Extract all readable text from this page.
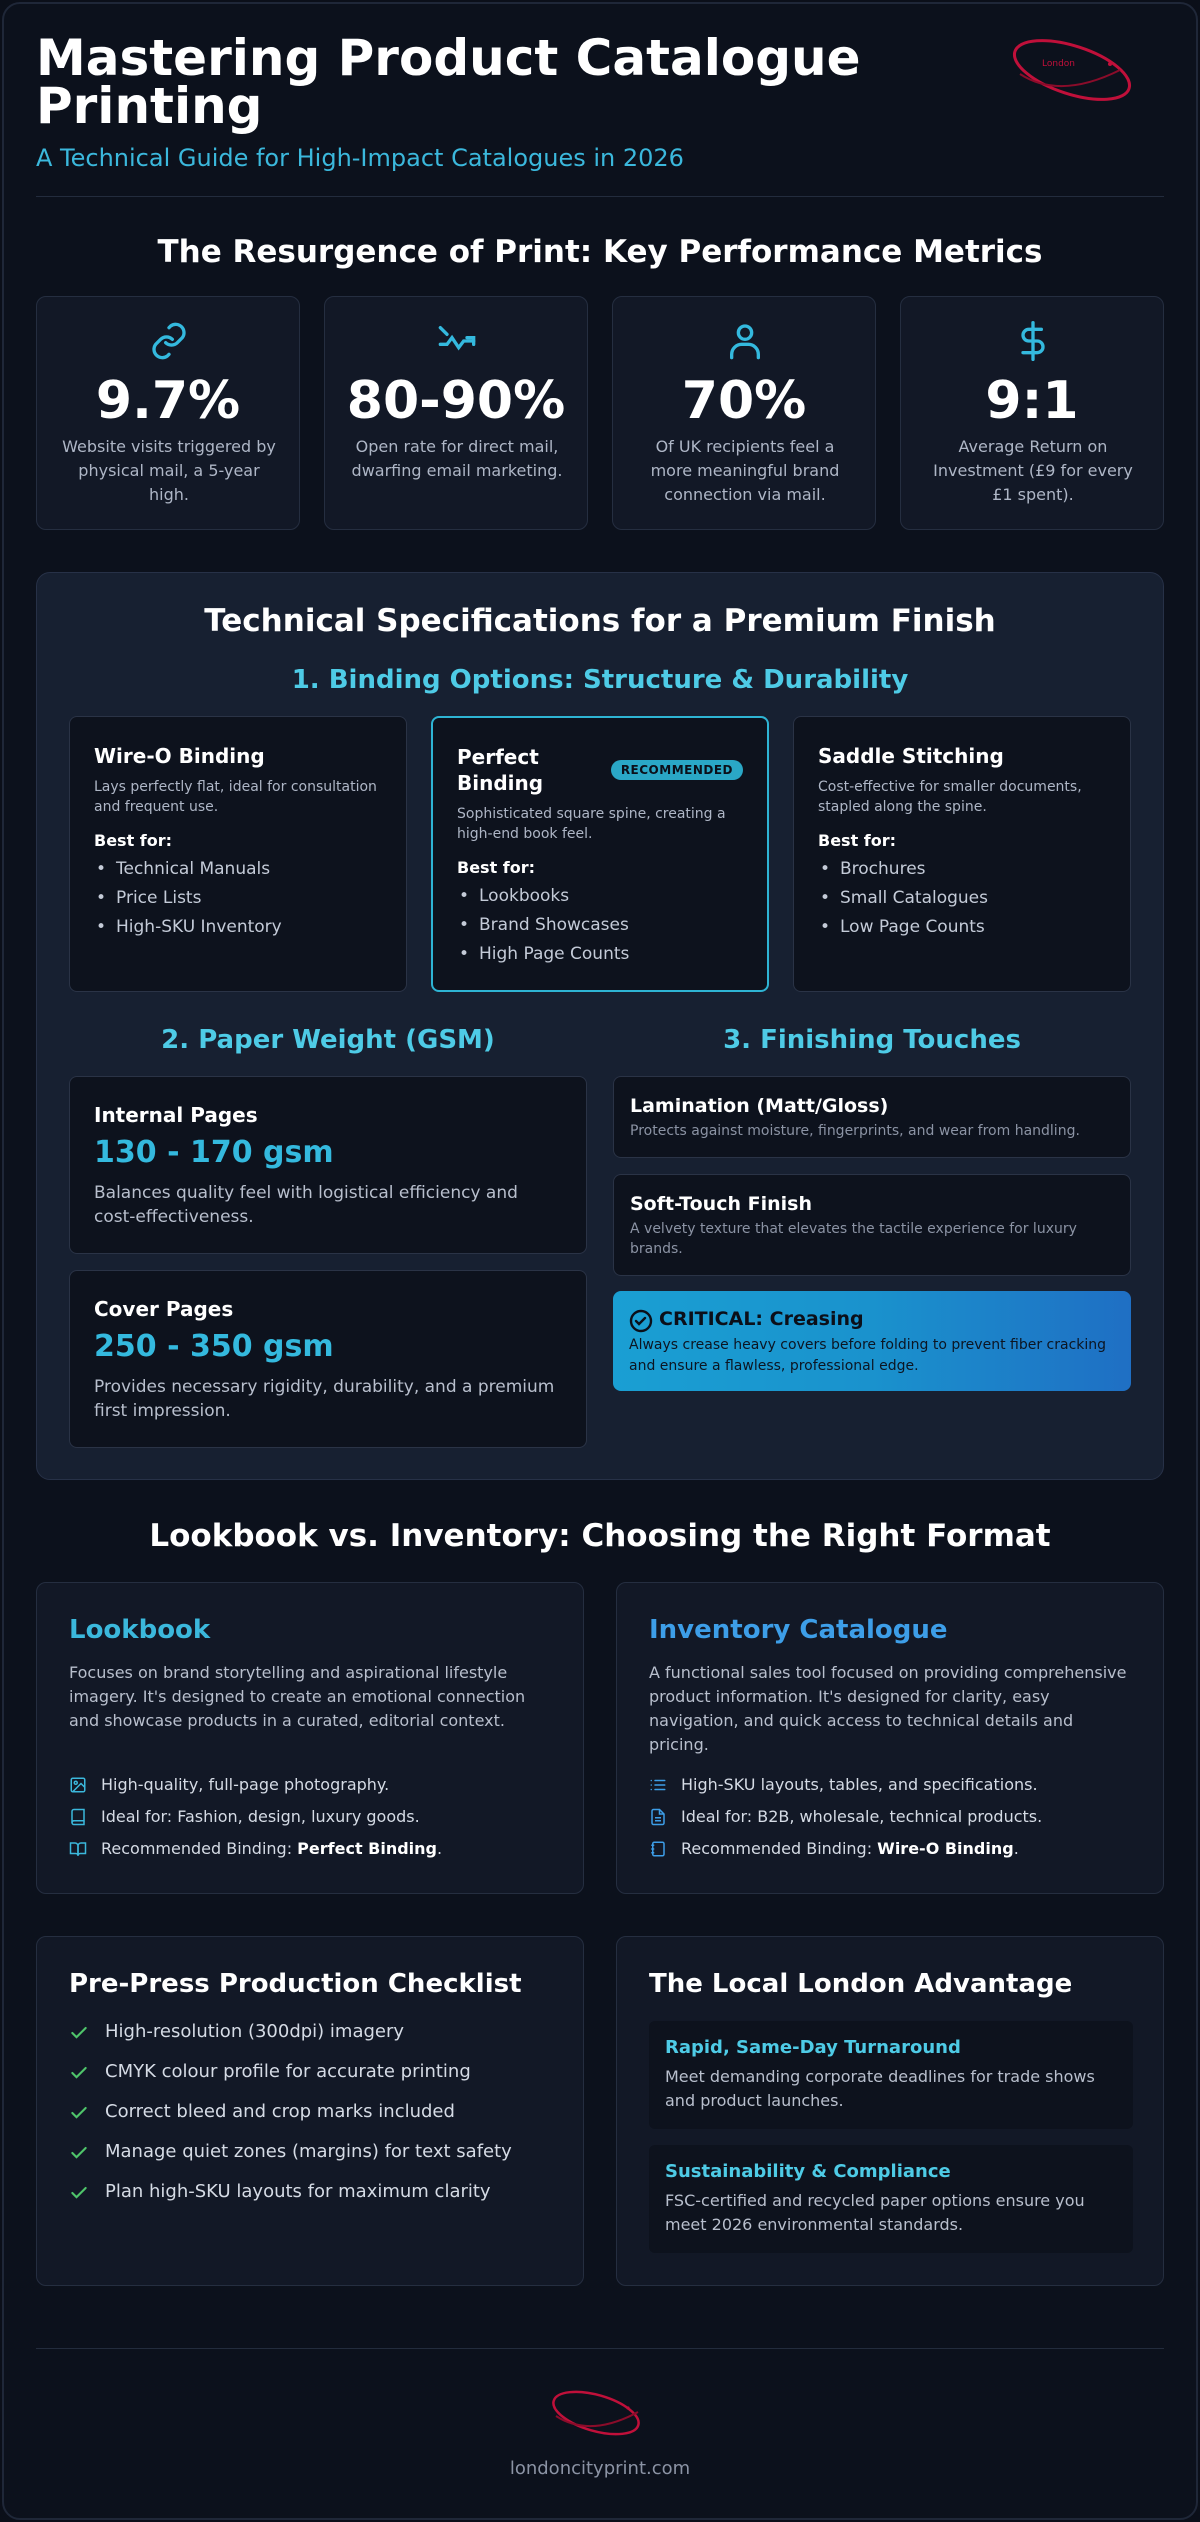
Mastering Product Catalogue Printing
A Technical Guide for High-Impact Catalogues in 2026
London
The Resurgence of Print: Key Performance Metrics
9.7%
Website visits triggered by physical mail, a 5-year high.
80-90%
Open rate for direct mail, dwarfing email marketing.
70%
Of UK recipients feel a more meaningful brand connection via mail.
9:1
Average Return on Investment (£9 for every £1 spent).
Technical Specifications for a Premium Finish
1. Binding Options: Structure & Durability
Wire-O Binding
Lays perfectly flat, ideal for consultation and frequent use.
Best for:
• Technical Manuals
• Price Lists
• High-SKU Inventory
Perfect Binding
RECOMMENDED
Sophisticated square spine, creating a high-end book feel.
Best for:
• Lookbooks
• Brand Showcases
• High Page Counts
Saddle Stitching
Cost-effective for smaller documents, stapled along the spine.
Best for:
• Brochures
• Small Catalogues
• Low Page Counts
2. Paper Weight (GSM)	3. Finishing Touches
Internal Pages
130 - 170 gsm
Balances quality feel with logistical efficiency and cost-effectiveness.
Cover Pages
250 - 350 gsm
Provides necessary rigidity, durability, and a premium first impression.
Lamination (Matt/Gloss)
Protects against moisture, fingerprints, and wear from handling.
Soft-Touch Finish
A velvety texture that elevates the tactile experience for luxury brands.
CRITICAL: Creasing
Always crease heavy covers before folding to prevent fiber cracking and ensure a flawless, professional edge.
Lookbook vs. Inventory: Choosing the Right Format
Lookbook
Focuses on brand storytelling and aspirational lifestyle imagery. It's designed to create an emotional connection and showcase products in a curated, editorial context.
High-quality, full-page photography.
Ideal for: Fashion, design, luxury goods.
Recommended Binding: Perfect Binding.
Inventory Catalogue
A functional sales tool focused on providing comprehensive product information. It's designed for clarity, easy navigation, and quick access to technical details and pricing.
High-SKU layouts, tables, and specifications.
Ideal for: B2B, wholesale, technical products.
Recommended Binding: Wire-O Binding.
Pre-Press Production Checklist
High-resolution (300dpi) imagery
CMYK colour profile for accurate printing
Correct bleed and crop marks included
Manage quiet zones (margins) for text safety
Plan high-SKU layouts for maximum clarity
The Local London Advantage
Rapid, Same-Day Turnaround
Meet demanding corporate deadlines for trade shows and product launches.
Sustainability & Compliance
FSC-certified and recycled paper options ensure you meet 2026 environmental standards.
londoncityprint.com
